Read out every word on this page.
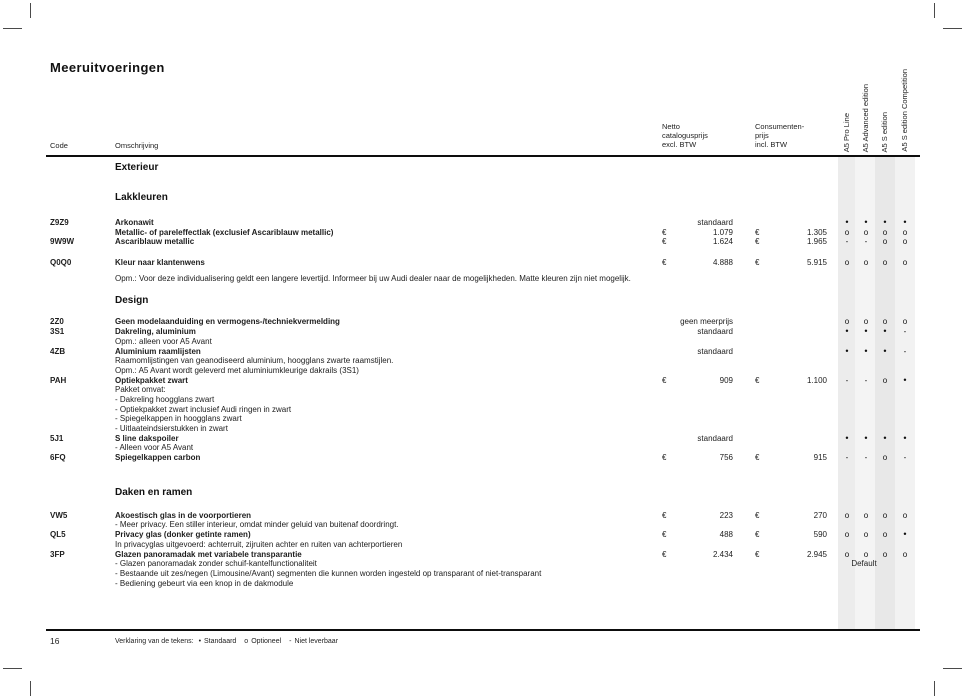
Meeruitvoeringen
Code	Omschrijving
Netto
catalogusprijs
excl. BTW
Consumenten-
prijs
incl. BTW	A5 Pro Line A5 Advanced edition A5 S edition A5 S edition Competition
Exterieur
Lakkleuren
Z9Z9	Arkonawit	standaard	•	•	•	•
Metallic- of pareleffectlak (exclusief Ascariblauw metallic)	€	1.079	€	1.305	o	o	o	o
9W9W	Ascariblauw metallic	€	1.624	€	1.965	-	-	o	o
Q0Q0	Kleur naar klantenwens	€	4.888	€	5.915	o	o	o	o
Opm.: Voor deze individualisering geldt een langere levertijd. Informeer bij uw Audi dealer naar de mogelijkheden. Matte kleuren zijn niet mogelijk.
Design
2Z0	Geen modelaanduiding en vermogens-/techniekvermelding	geen meerprijs	o	o	o	o
3S1	Dakreling, aluminium	standaard	•	•	•	-
Opm.: alleen voor A5 Avant
4ZB	Aluminium raamlijsten	standaard	•	•	•	-
Raamomlijstingen van geanodiseerd aluminium, hoogglans zwarte raamstijlen.
Opm.: A5 Avant wordt geleverd met aluminiumkleurige dakrails (3S1)
PAH	Optiekpakket zwart	€	909	€	1.100	-	-	o	•
Pakket omvat:
- Dakreling hoogglans zwart
- Optiekpakket zwart inclusief Audi ringen in zwart
- Spiegelkappen in hoogglans zwart
- Uitlaateindsierstukken in zwart
5J1	S line dakspoiler	standaard	•	•	•	•
- Alleen voor A5 Avant
6FQ	Spiegelkappen carbon	€	756	€	915	-	-	o	-
Daken en ramen
VW5	Akoestisch glas in de voorportieren	€	223	€	270	o	o	o	o
- Meer privacy. Een stiller interieur, omdat minder geluid van buitenaf doordringt.
QL5	Privacy glas (donker getinte ramen)	€	488	€	590	o	o	o	•
In privacyglas uitgevoerd: achterruit, zijruiten achter en ruiten van achterportieren
3FP	Glazen panoramadak met variabele transparantie	€	2.434	€	2.945	o	o	o	o
- Glazen panoramadak zonder schuif-kantelfunctionaliteit	Default
- Bestaande uit zes/negen (Limousine/Avant) segmenten die kunnen worden ingesteld op transparant of niet-transparant
- Bediening gebeurt via een knop in de dakmodule
16	Verklaring van de tekens: • Standaard o Optioneel - Niet leverbaar
